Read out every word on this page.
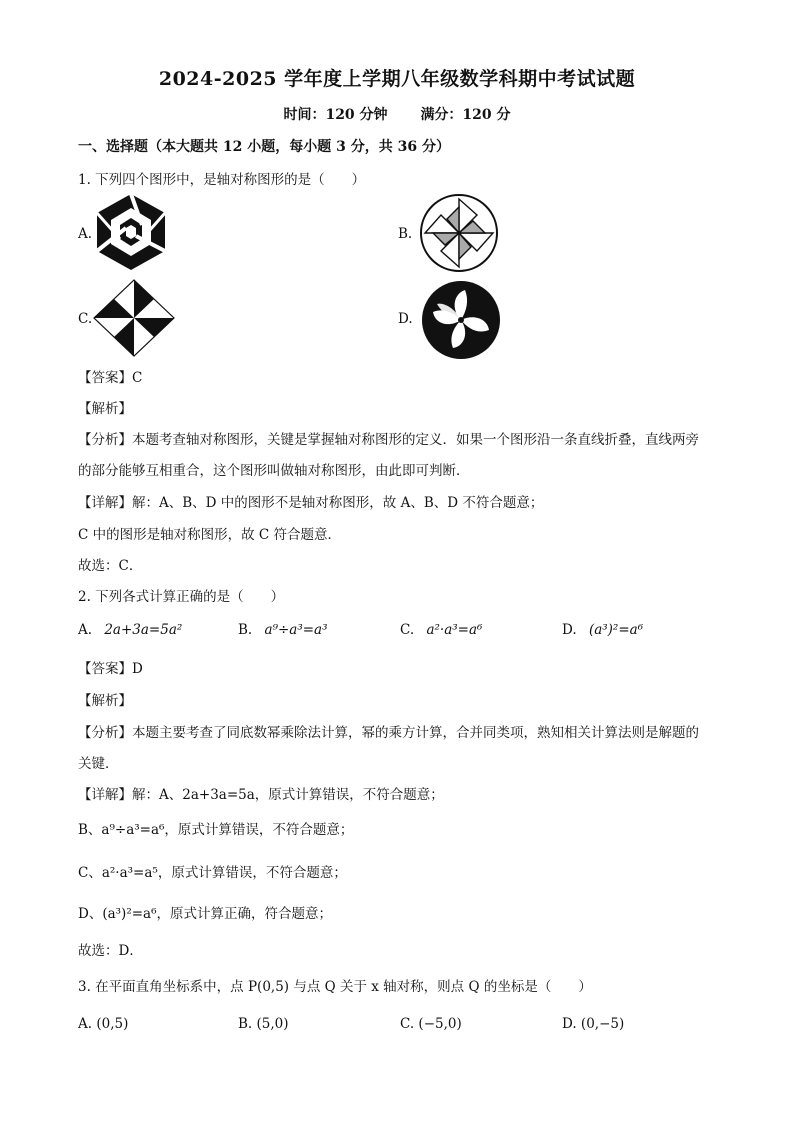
2024-2025 学年度上学期八年级数学科期中考试试题
时间：120 分钟 满分：120 分
一、选择题（本大题共 12 小题，每小题 3 分，共 36 分）
1. 下列四个图形中，是轴对称图形的是（　　）
A.	B.
C.	D.
【答案】C
【解析】
【分析】本题考查轴对称图形，关键是掌握轴对称图形的定义．如果一个图形沿一条直线折叠，直线两旁
的部分能够互相重合，这个图形叫做轴对称图形，由此即可判断．
【详解】解：A、B、D 中的图形不是轴对称图形，故 A、B、D 不符合题意；
C 中的图形是轴对称图形，故 C 符合题意．
故选：C．
2. 下列各式计算正确的是（　　）
A. 2a+3a=5a²	B. a⁹÷a³=a³	C. a²·a³=a⁶	D. (a³)²=a⁶
【答案】D
【解析】
【分析】本题主要考查了同底数幂乘除法计算，幂的乘方计算，合并同类项，熟知相关计算法则是解题的
关键．
【详解】解：A、2a+3a=5a，原式计算错误，不符合题意；
B、a⁹÷a³=a⁶，原式计算错误，不符合题意；
C、a²·a³=a⁵，原式计算错误，不符合题意；
D、(a³)²=a⁶，原式计算正确，符合题意；
故选：D．
3. 在平面直角坐标系中，点 P(0,5) 与点 Q 关于 x 轴对称，则点 Q 的坐标是（　　）
A. (0,5)	B. (5,0)	C. (−5,0)	D. (0,−5)
